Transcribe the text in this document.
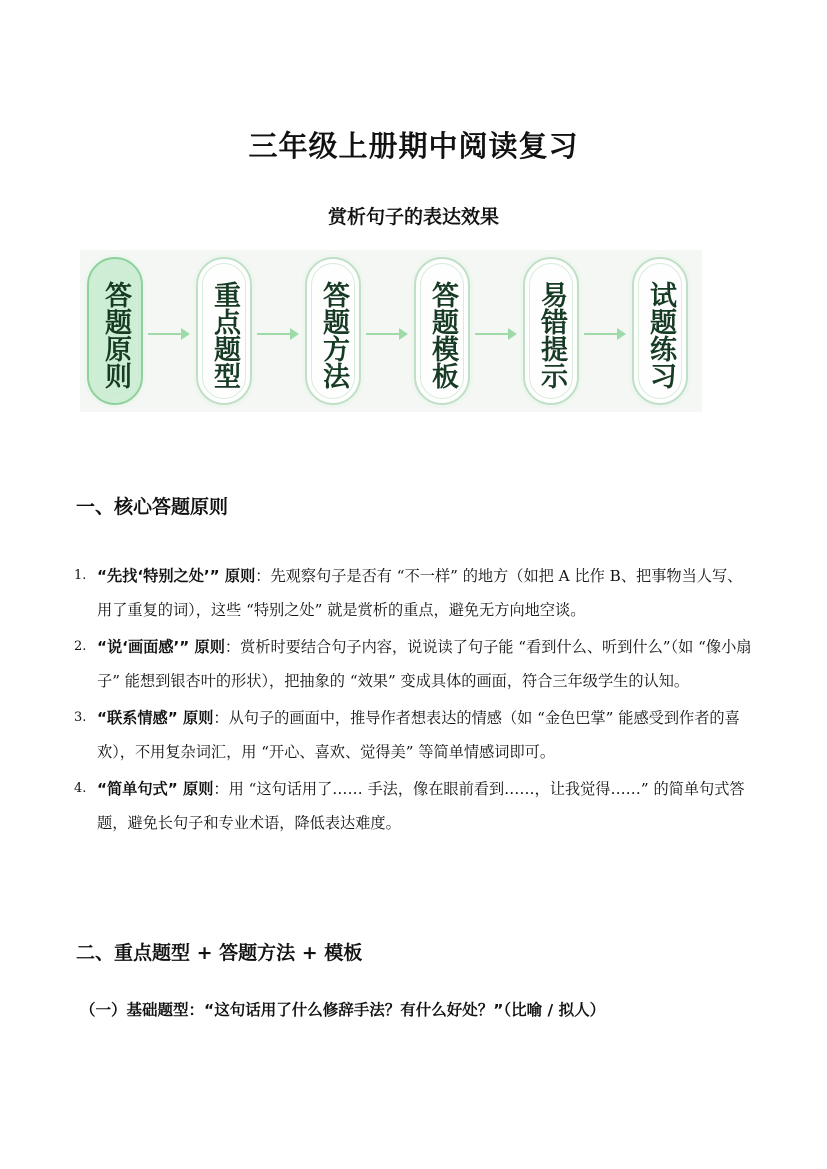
三年级上册期中阅读复习
赏析句子的表达效果
答题原则	重点题型	答题方法	答题模板	易错提示	试题练习
一、核心答题原则
1. “先找‘特别之处’” 原则：先观察句子是否有 “不一样” 的地方（如把 A 比作 B、把事物当人写、用了重复的词），这些 “特别之处” 就是赏析的重点，避免无方向地空谈。
2. “说‘画面感’” 原则：赏析时要结合句子内容，说说读了句子能 “看到什么、听到什么”（如 “像小扇子” 能想到银杏叶的形状），把抽象的 “效果” 变成具体的画面，符合三年级学生的认知。
3. “联系情感” 原则：从句子的画面中，推导作者想表达的情感（如 “金色巴掌” 能感受到作者的喜欢），不用复杂词汇，用 “开心、喜欢、觉得美” 等简单情感词即可。
4. “简单句式” 原则：用 “这句话用了…… 手法，像在眼前看到……，让我觉得……” 的简单句式答题，避免长句子和专业术语，降低表达难度。
二、重点题型 + 答题方法 + 模板
（一）基础题型：“这句话用了什么修辞手法？有什么好处？”（比喻 / 拟人）
